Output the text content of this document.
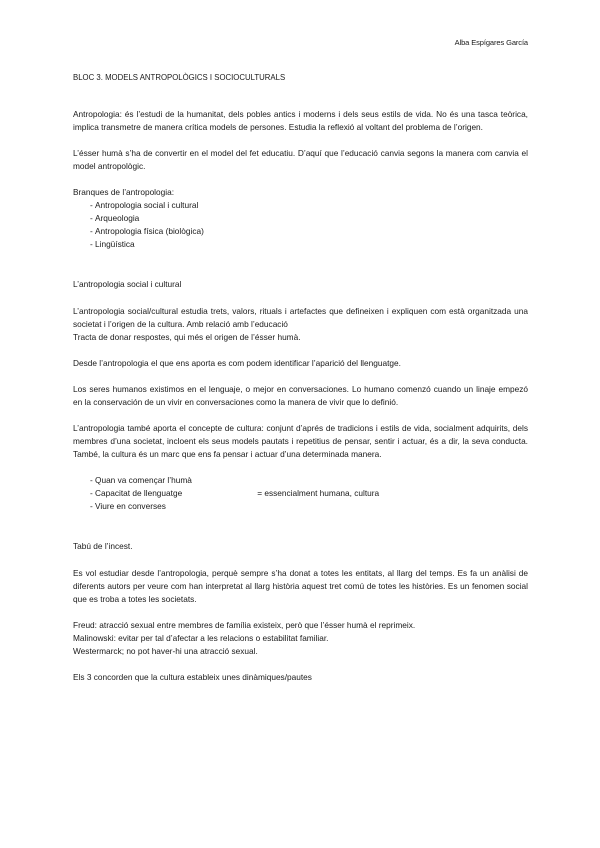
Alba Espígares García

BLOC 3. MODELS ANTROPOLÒGICS I SOCIOCULTURALS

Antropologia: és l’estudi de la humanitat, dels pobles antics i moderns i dels seus estils de vida. No és una tasca teòrica, implica transmetre de manera crítica models de persones. Estudia la reflexió al voltant del problema de l’origen.

L’ésser humà s’ha de convertir en el model del fet educatiu. D’aquí que l’educació canvia segons la manera com canvia el model antropològic.

Branques de l’antropologia:

- Antropologia social i cultural
- Arqueologia
- Antropologia física (biològica)
- Lingüística

L’antropologia social i cultural

L’antropologia social/cultural estudia trets, valors, rituals i artefactes que defineixen i expliquen com està organitzada una societat i l’origen de la cultura. Amb relació amb l’educació

Tracta de donar respostes, qui més el origen de l’ésser humà.

Desde l’antropologia el que ens aporta es com podem identificar l’aparició del llenguatge.

Los seres humanos existimos en el lenguaje, o mejor en conversaciones. Lo humano comenzó cuando un linaje empezó en la conservación de un vivir en conversaciones como la manera de vivir que lo definió.

L’antropologia també aporta el concepte de cultura: conjunt d’aprés de tradicions i estils de vida, socialment adquirits, dels membres d’una societat, incloent els seus models pautats i repetitius de pensar, sentir i actuar, és a dir, la seva conducta. També, la cultura és un marc que ens fa pensar i actuar d’una determinada manera.

- Quan va començar l’humà
- Capacitat de llenguatge	= essencialment humana, cultura
- Viure en converses

Tabú de l’incest.

Es vol estudiar desde l’antropologia, perquè sempre s’ha donat a totes les entitats, al llarg del temps. Es fa un anàlisi de diferents autors per veure com han interpretat al llarg història aquest tret comú de totes les històries. Es un fenomen social que es troba a totes les societats.

Freud: atracció sexual entre membres de família existeix, però que l’ésser humà el reprimeix.

Malinowski: evitar per tal d’afectar a les relacions o estabilitat familiar.

Westermarck; no pot haver-hi una atracció sexual.

Els 3 concorden que la cultura estableix unes dinàmiques/pautes
